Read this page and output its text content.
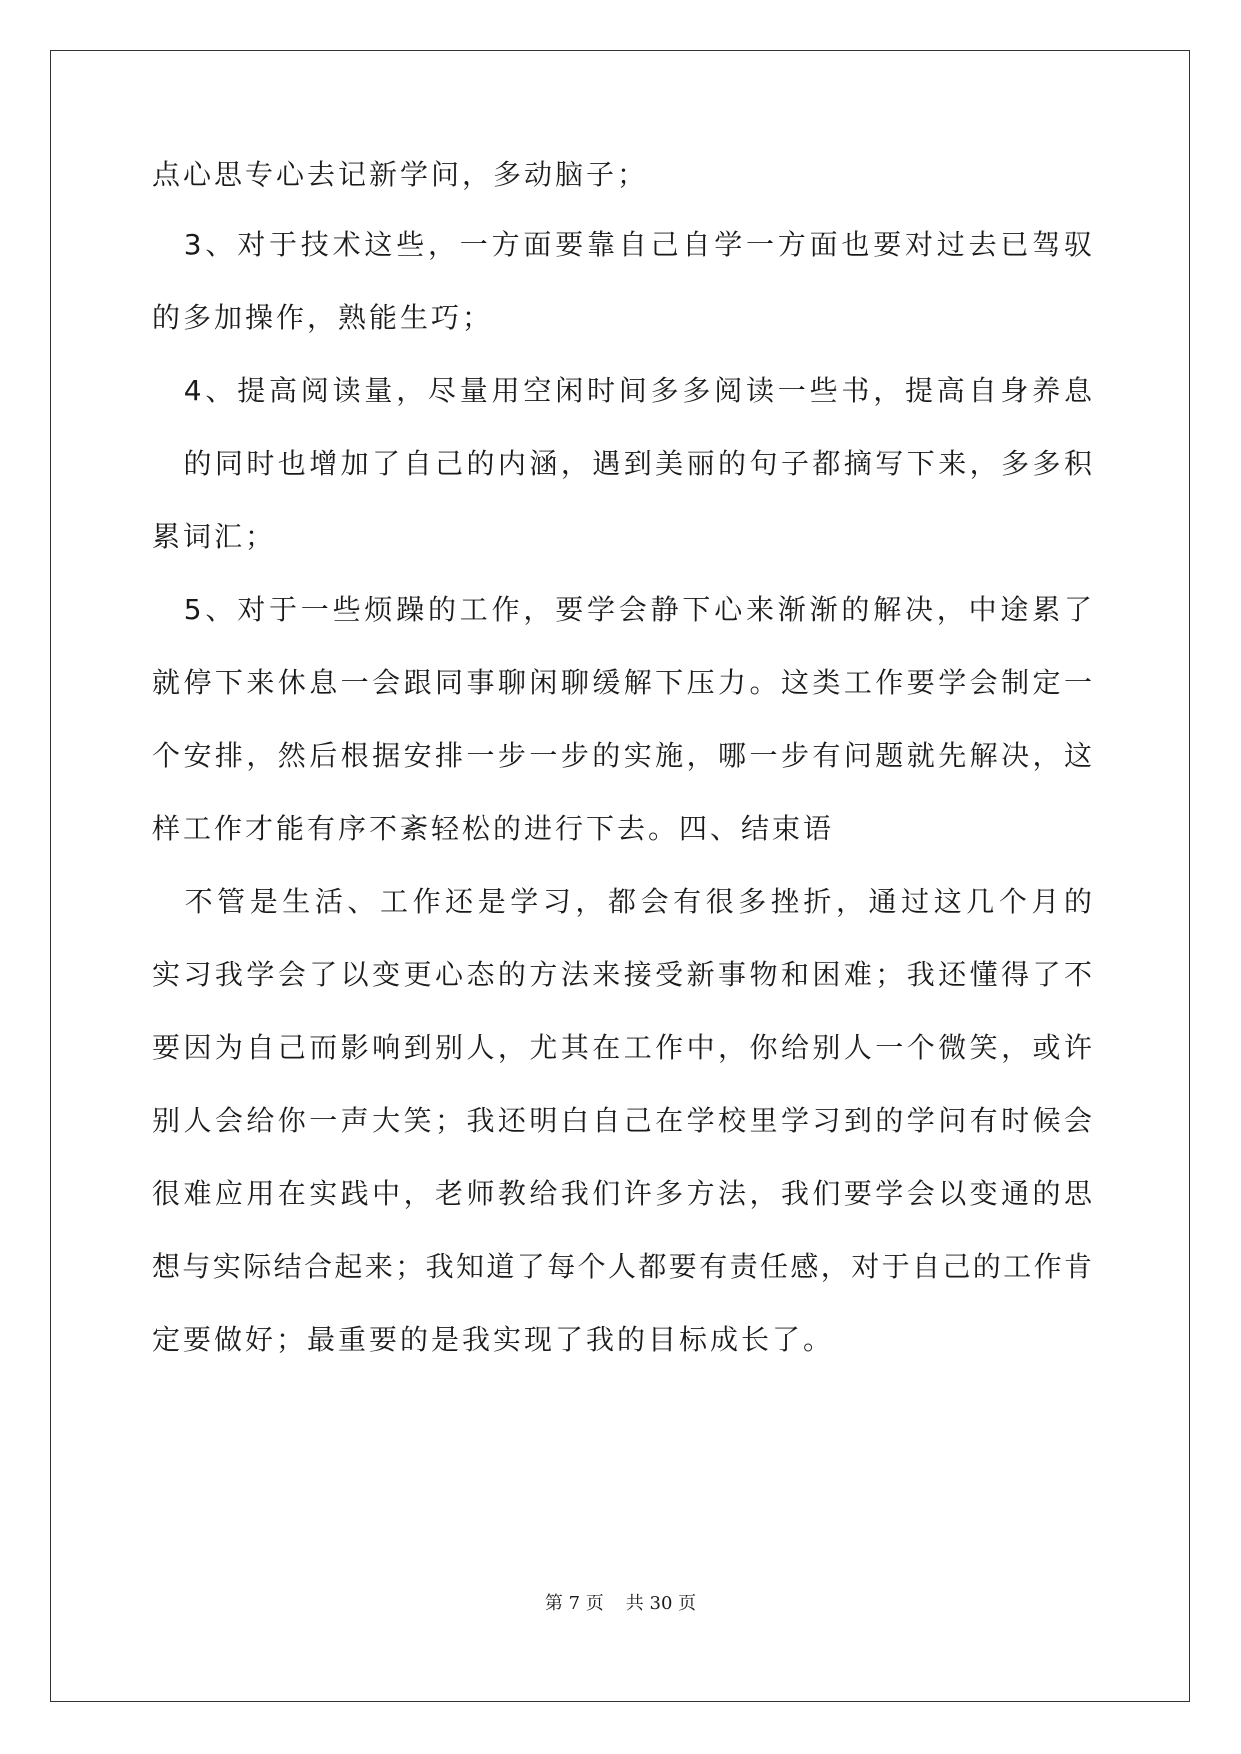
点心思专心去记新学问，多动脑子；
　3、对于技术这些，一方面要靠自己自学一方面也要对过去已驾驭
的多加操作，熟能生巧；
　4、提高阅读量，尽量用空闲时间多多阅读一些书，提高自身养息
　的同时也增加了自己的内涵，遇到美丽的句子都摘写下来，多多积
累词汇；
　5、对于一些烦躁的工作，要学会静下心来渐渐的解决，中途累了
就停下来休息一会跟同事聊闲聊缓解下压力。这类工作要学会制定一
个安排，然后根据安排一步一步的实施，哪一步有问题就先解决，这
样工作才能有序不紊轻松的进行下去。四、结束语
　不管是生活、工作还是学习，都会有很多挫折，通过这几个月的
实习我学会了以变更心态的方法来接受新事物和困难；我还懂得了不
要因为自己而影响到别人，尤其在工作中，你给别人一个微笑，或许
别人会给你一声大笑；我还明白自己在学校里学习到的学问有时候会
很难应用在实践中，老师教给我们许多方法，我们要学会以变通的思
想与实际结合起来；我知道了每个人都要有责任感，对于自己的工作肯
定要做好；最重要的是我实现了我的目标成长了。
第 7 页 共 30 页
